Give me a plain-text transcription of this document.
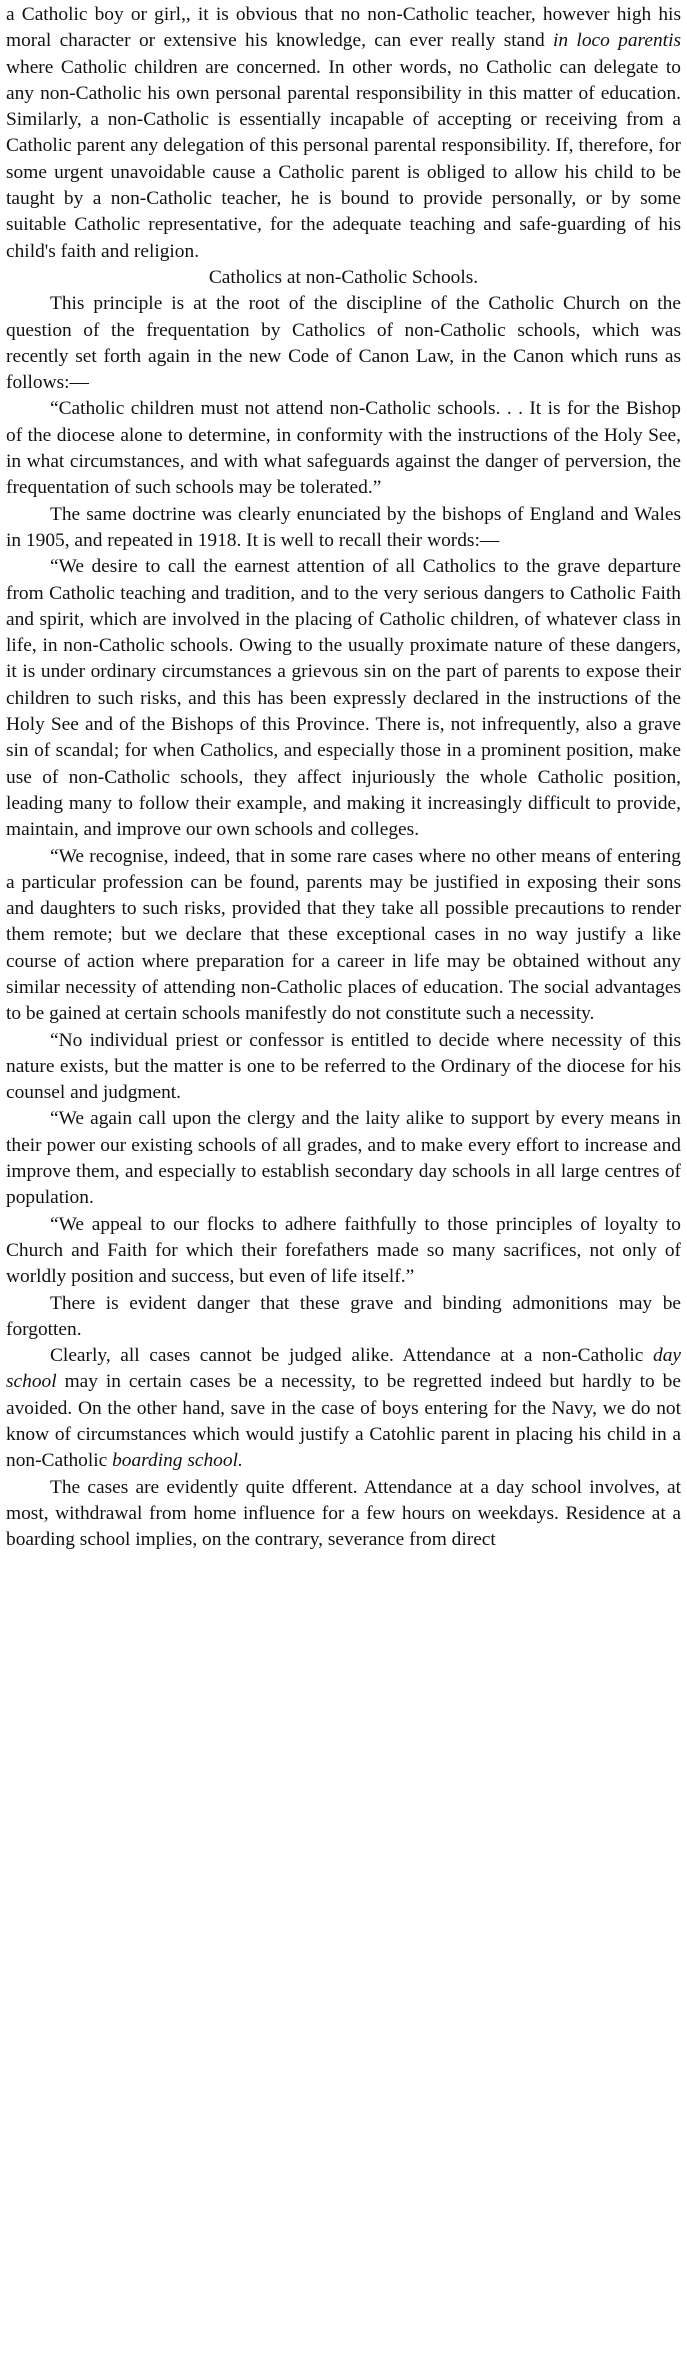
a Catholic boy or girl,, it is obvious that no non-Catholic teacher, however high his moral character or extensive his knowledge, can ever really stand in loco parentis where Catholic children are concerned. In other words, no Catholic can delegate to any non-Catholic his own personal parental responsibility in this matter of education. Similarly, a non-Catholic is essentially incapable of accepting or receiving from a Catholic parent any delegation of this personal parental responsibility. If, therefore, for some urgent unavoidable cause a Catholic parent is obliged to allow his child to be taught by a non-Catholic teacher, he is bound to provide personally, or by some suitable Catholic representative, for the adequate teaching and safe-guarding of his child's faith and religion.

Catholics at non-Catholic Schools.

This principle is at the root of the discipline of the Catholic Church on the question of the frequentation by Catholics of non-Catholic schools, which was recently set forth again in the new Code of Canon Law, in the Canon which runs as follows:—

“Catholic children must not attend non-Catholic schools. . . It is for the Bishop of the diocese alone to determine, in conformity with the instructions of the Holy See, in what circumstances, and with what safeguards against the danger of perversion, the frequentation of such schools may be tolerated.”

The same doctrine was clearly enunciated by the bishops of England and Wales in 1905, and repeated in 1918. It is well to recall their words:—

“We desire to call the earnest attention of all Catholics to the grave departure from Catholic teaching and tradition, and to the very serious dangers to Catholic Faith and spirit, which are involved in the placing of Catholic children, of whatever class in life, in non-Catholic schools. Owing to the usually proximate nature of these dangers, it is under ordinary circumstances a grievous sin on the part of parents to expose their children to such risks, and this has been expressly declared in the instructions of the Holy See and of the Bishops of this Province. There is, not infrequently, also a grave sin of scandal; for when Catholics, and especially those in a prominent position, make use of non-Catholic schools, they affect injuriously the whole Catholic position, leading many to follow their example, and making it increasingly difficult to provide, maintain, and improve our own schools and colleges.

“We recognise, indeed, that in some rare cases where no other means of entering a particular profession can be found, parents may be justified in exposing their sons and daughters to such risks, provided that they take all possible precautions to render them remote; but we declare that these exceptional cases in no way justify a like course of action where preparation for a career in life may be obtained without any similar necessity of attending non-Catholic places of education. The social advantages to be gained at certain schools manifestly do not constitute such a necessity.

“No individual priest or confessor is entitled to decide where necessity of this nature exists, but the matter is one to be referred to the Ordinary of the diocese for his counsel and judgment.

“We again call upon the clergy and the laity alike to support by every means in their power our existing schools of all grades, and to make every effort to increase and improve them, and especially to establish secondary day schools in all large centres of population.

“We appeal to our flocks to adhere faithfully to those principles of loyalty to Church and Faith for which their forefathers made so many sacrifices, not only of worldly position and success, but even of life itself.”

There is evident danger that these grave and binding admonitions may be forgotten.

Clearly, all cases cannot be judged alike. Attendance at a non-Catholic day school may in certain cases be a necessity, to be regretted indeed but hardly to be avoided. On the other hand, save in the case of boys entering for the Navy, we do not know of circumstances which would justify a Catohlic parent in placing his child in a non-Catholic boarding school.

The cases are evidently quite dfferent. Attendance at a day school involves, at most, withdrawal from home influence for a few hours on weekdays. Residence at a boarding school implies, on the contrary, severance from direct
